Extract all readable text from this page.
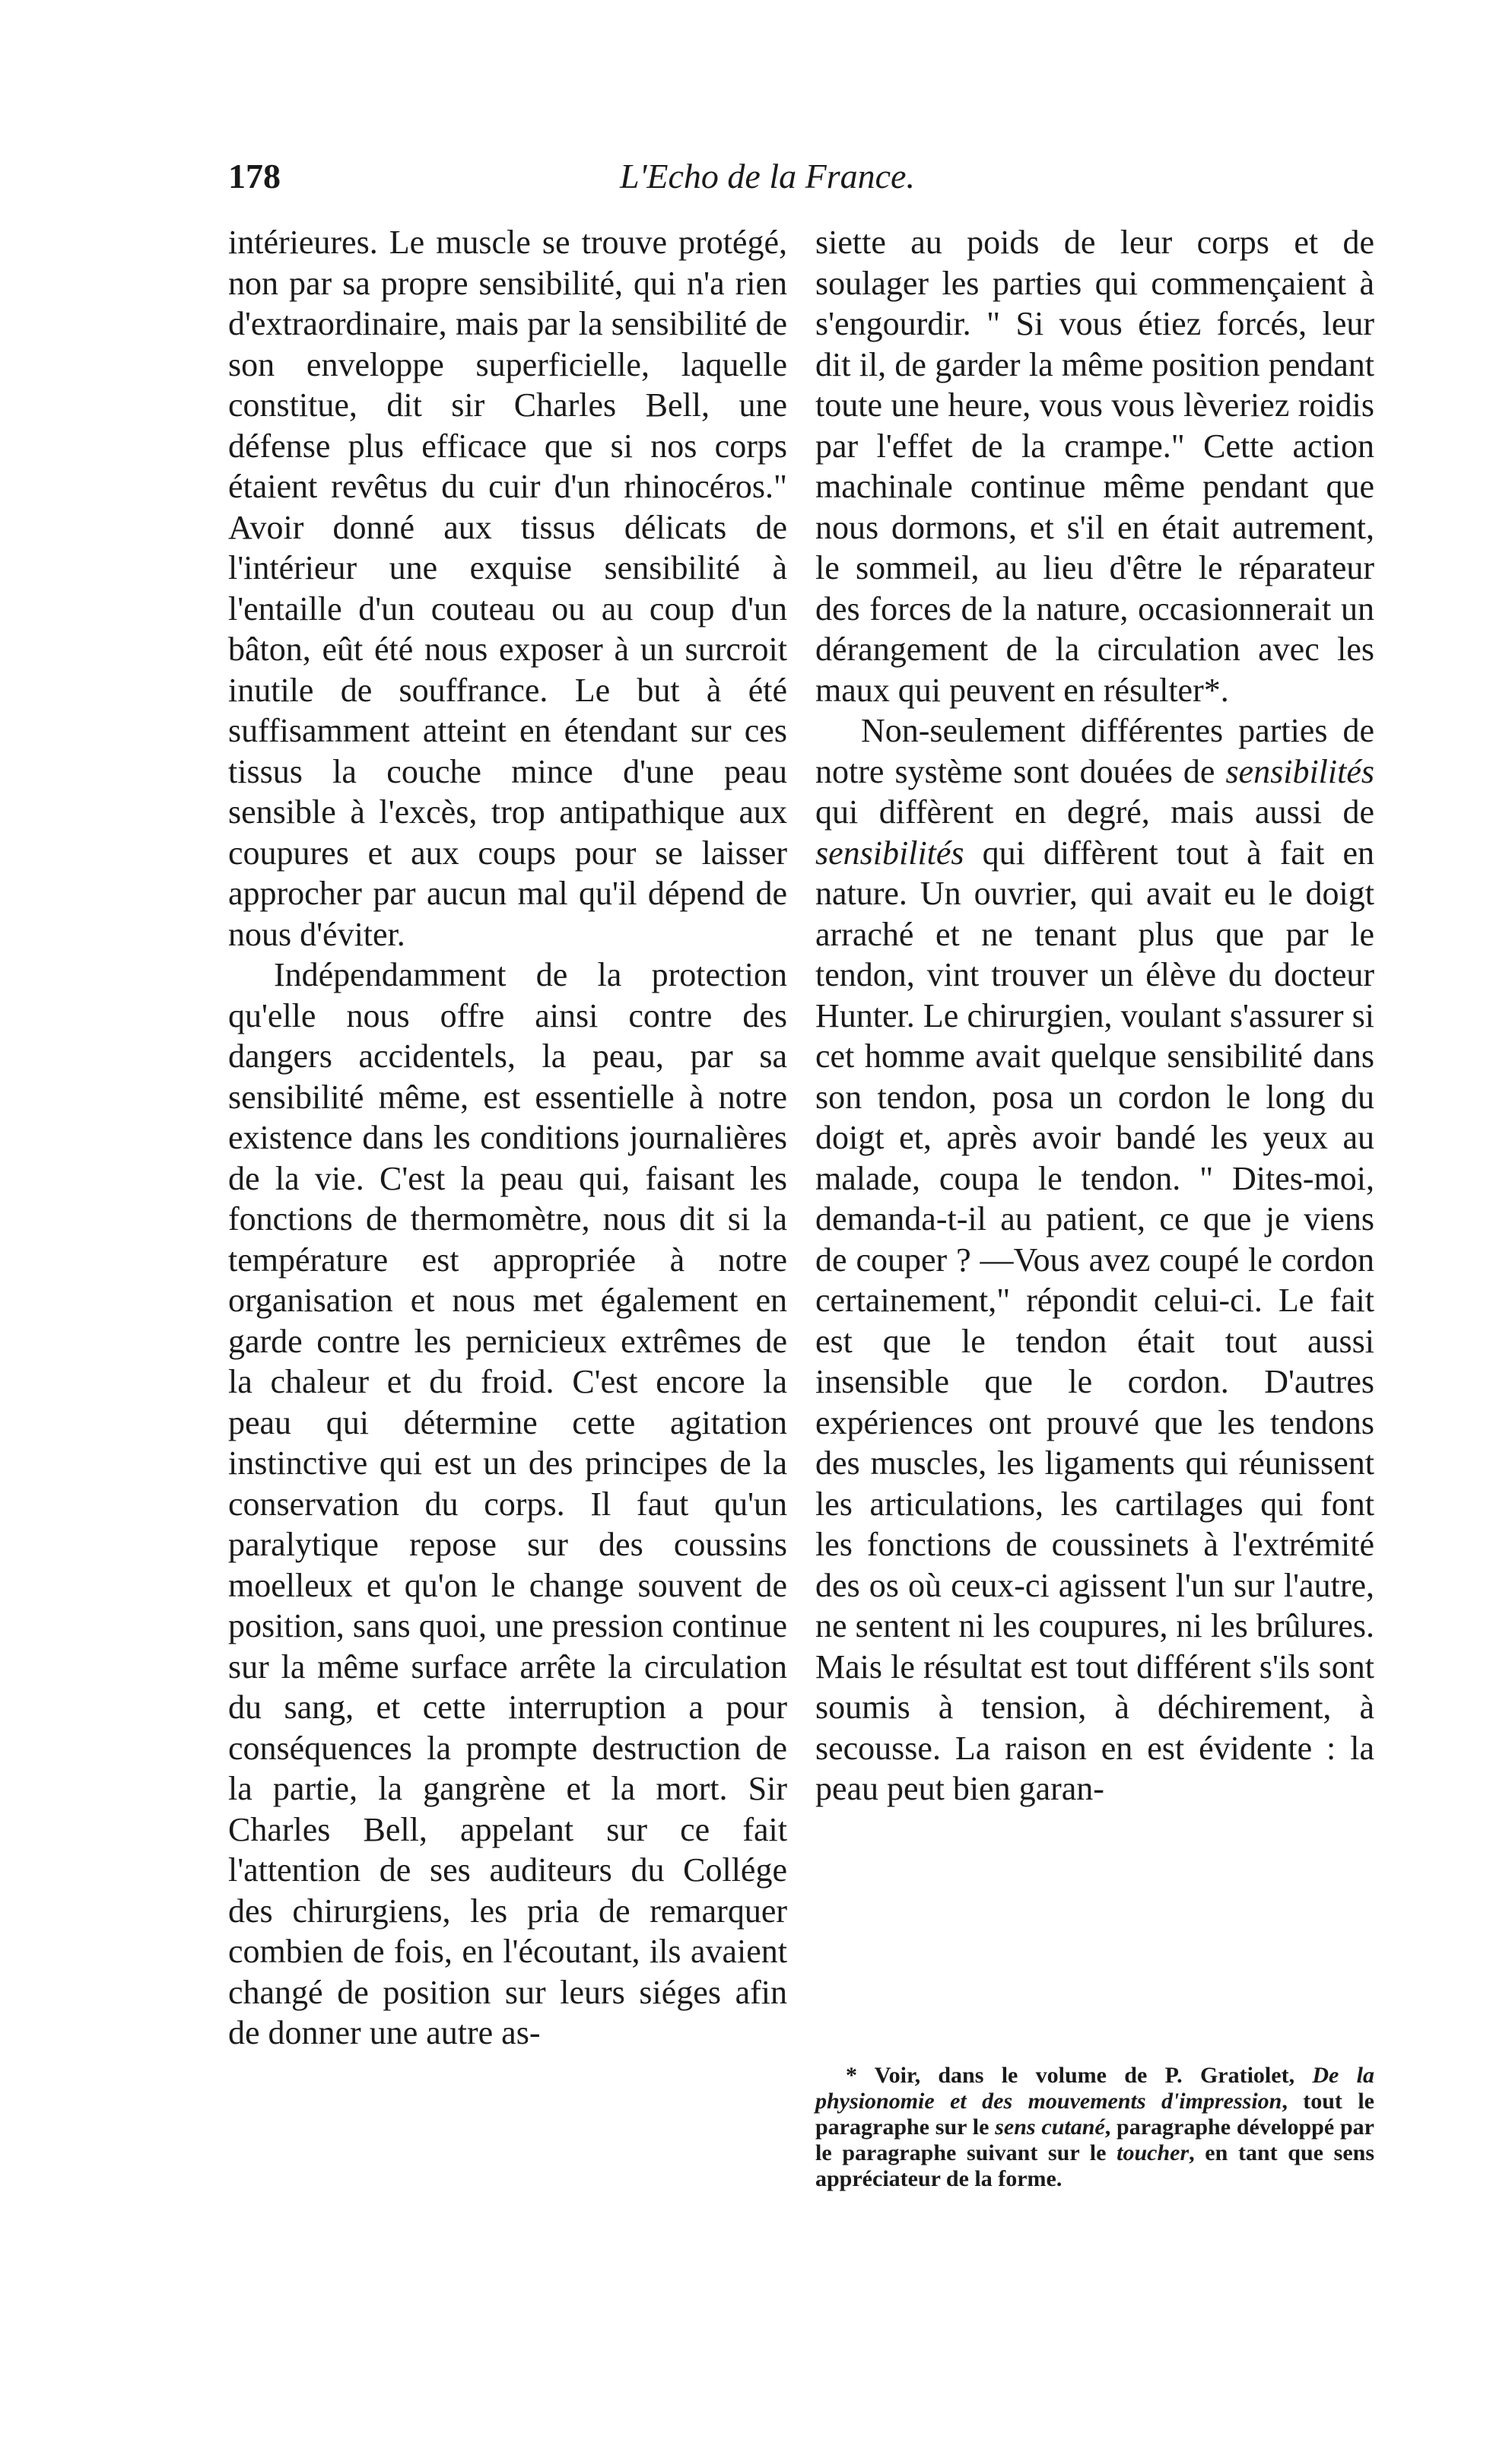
178	L'Echo de la France.

intérieures. Le muscle se trouve protégé, non par sa propre sensibilité, qui n'a rien d'extraordinaire, mais par la sensibilité de son enveloppe superficielle, laquelle constitue, dit sir Charles Bell, une défense plus efficace que si nos corps étaient revêtus du cuir d'un rhinocéros." Avoir donné aux tissus délicats de l'intérieur une exquise sensibilité à l'entaille d'un couteau ou au coup d'un bâton, eût été nous exposer à un surcroit inutile de souffrance. Le but à été suffisamment atteint en étendant sur ces tissus la couche mince d'une peau sensible à l'excès, trop antipathique aux coupures et aux coups pour se laisser approcher par aucun mal qu'il dépend de nous d'éviter.

Indépendamment de la protection qu'elle nous offre ainsi contre des dangers accidentels, la peau, par sa sensibilité même, est essentielle à notre existence dans les conditions journalières de la vie. C'est la peau qui, faisant les fonctions de thermomètre, nous dit si la température est appropriée à notre organisation et nous met également en garde contre les pernicieux extrêmes de la chaleur et du froid. C'est encore la peau qui détermine cette agitation instinctive qui est un des principes de la conservation du corps. Il faut qu'un paralytique repose sur des coussins moelleux et qu'on le change souvent de position, sans quoi, une pression continue sur la même surface arrête la circulation du sang, et cette interruption a pour conséquences la prompte destruction de la partie, la gangrène et la mort. Sir Charles Bell, appelant sur ce fait l'attention de ses auditeurs du Collége des chirurgiens, les pria de remarquer combien de fois, en l'écoutant, ils avaient changé de position sur leurs siéges afin de donner une autre as-

siette au poids de leur corps et de soulager les parties qui commençaient à s'engourdir. " Si vous étiez forcés, leur dit il, de garder la même position pendant toute une heure, vous vous lèveriez roidis par l'effet de la crampe." Cette action machinale continue même pendant que nous dormons, et s'il en était autrement, le sommeil, au lieu d'être le réparateur des forces de la nature, occasionnerait un dérangement de la circulation avec les maux qui peuvent en résulter*.

Non-seulement différentes parties de notre système sont douées de sensibilités qui diffèrent en degré, mais aussi de sensibilités qui diffèrent tout à fait en nature. Un ouvrier, qui avait eu le doigt arraché et ne tenant plus que par le tendon, vint trouver un élève du docteur Hunter. Le chirurgien, voulant s'assurer si cet homme avait quelque sensibilité dans son tendon, posa un cordon le long du doigt et, après avoir bandé les yeux au malade, coupa le tendon. " Dites-moi, demanda-t-il au patient, ce que je viens de couper ? —Vous avez coupé le cordon certainement," répondit celui-ci. Le fait est que le tendon était tout aussi insensible que le cordon. D'autres expériences ont prouvé que les tendons des muscles, les ligaments qui réunissent les articulations, les cartilages qui font les fonctions de coussinets à l'extrémité des os où ceux-ci agissent l'un sur l'autre, ne sentent ni les coupures, ni les brûlures. Mais le résultat est tout différent s'ils sont soumis à tension, à déchirement, à secousse. La raison en est évidente : la peau peut bien garan-

* Voir, dans le volume de P. Gratiolet, De la physionomie et des mouvements d'impression, tout le paragraphe sur le sens cutané, paragraphe développé par le paragraphe suivant sur le toucher, en tant que sens appréciateur de la forme.
